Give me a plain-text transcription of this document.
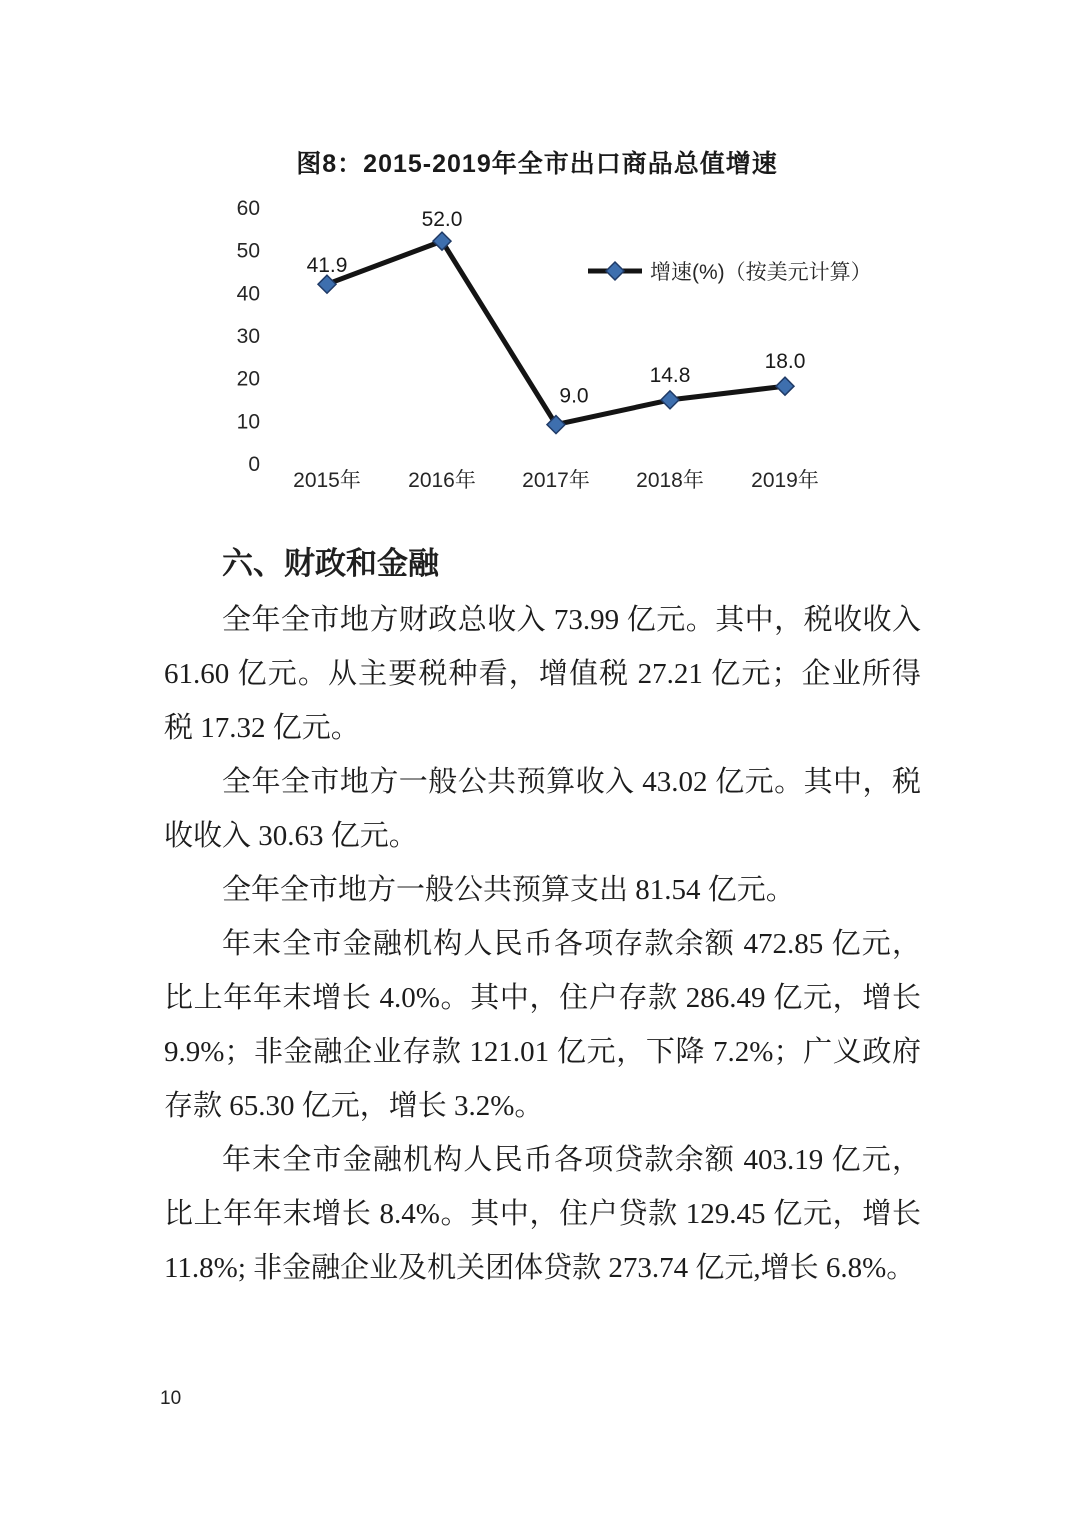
图8：2015-2019年全市出口商品总值增速
0
10
20
30
40
50
60
2015年 2016年 2017年 2018年 2019年
41.9
52.0
9.0
14.8
18.0
增速(%)（按美元计算）
六、财政和金融

全年全市地方财政总收入 73.99 亿元。其中，税收收入 61.60 亿元。从主要税种看，增值税 27.21 亿元；企业所得税 17.32 亿元。

全年全市地方一般公共预算收入 43.02 亿元。其中，税收收入 30.63 亿元。

全年全市地方一般公共预算支出 81.54 亿元。

年末全市金融机构人民币各项存款余额 472.85 亿元，比上年年末增长 4.0%。其中，住户存款 286.49 亿元，增长 9.9%；非金融企业存款 121.01 亿元，下降 7.2%；广义政府存款 65.30 亿元，增长 3.2%。

年末全市金融机构人民币各项贷款余额 403.19 亿元，比上年年末增长 8.4%。其中，住户贷款 129.45 亿元，增长 11.8%; 非金融企业及机关团体贷款 273.74 亿元,增长 6.8%。

10
